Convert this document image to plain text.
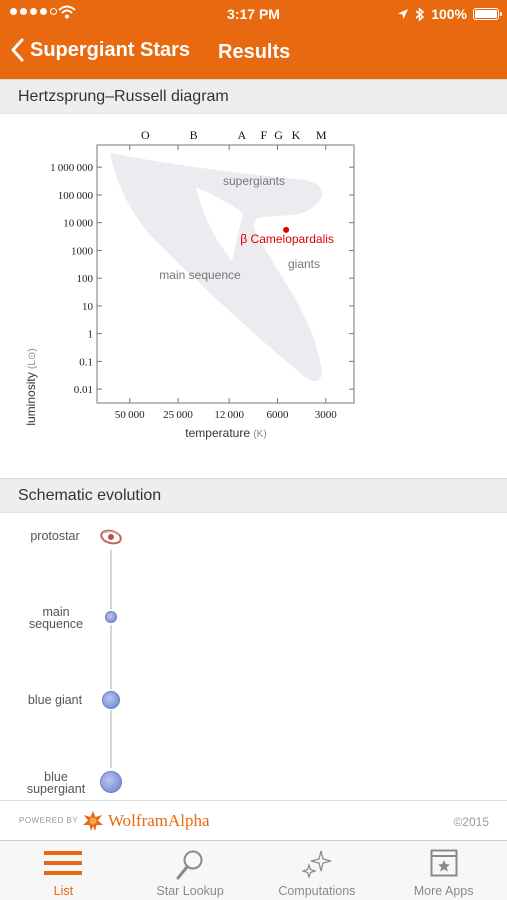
3:17 PM	100%
Supergiant Stars Results
Hertzsprung–Russell diagram
1 000 000
100 000
10 000
1000
100
10
1
0.1
0.01
50 000 25 000 12 000 6000 3000
O	B	A F G K M
supergiants
giants
main sequence
β Camelopardalis
luminosity (L⊙)
temperature (K)
Schematic evolution
protostar
main sequence
blue giant
blue supergiant
POWERED BY WolframAlpha	©2015
List	Star Lookup	Computations	More Apps
